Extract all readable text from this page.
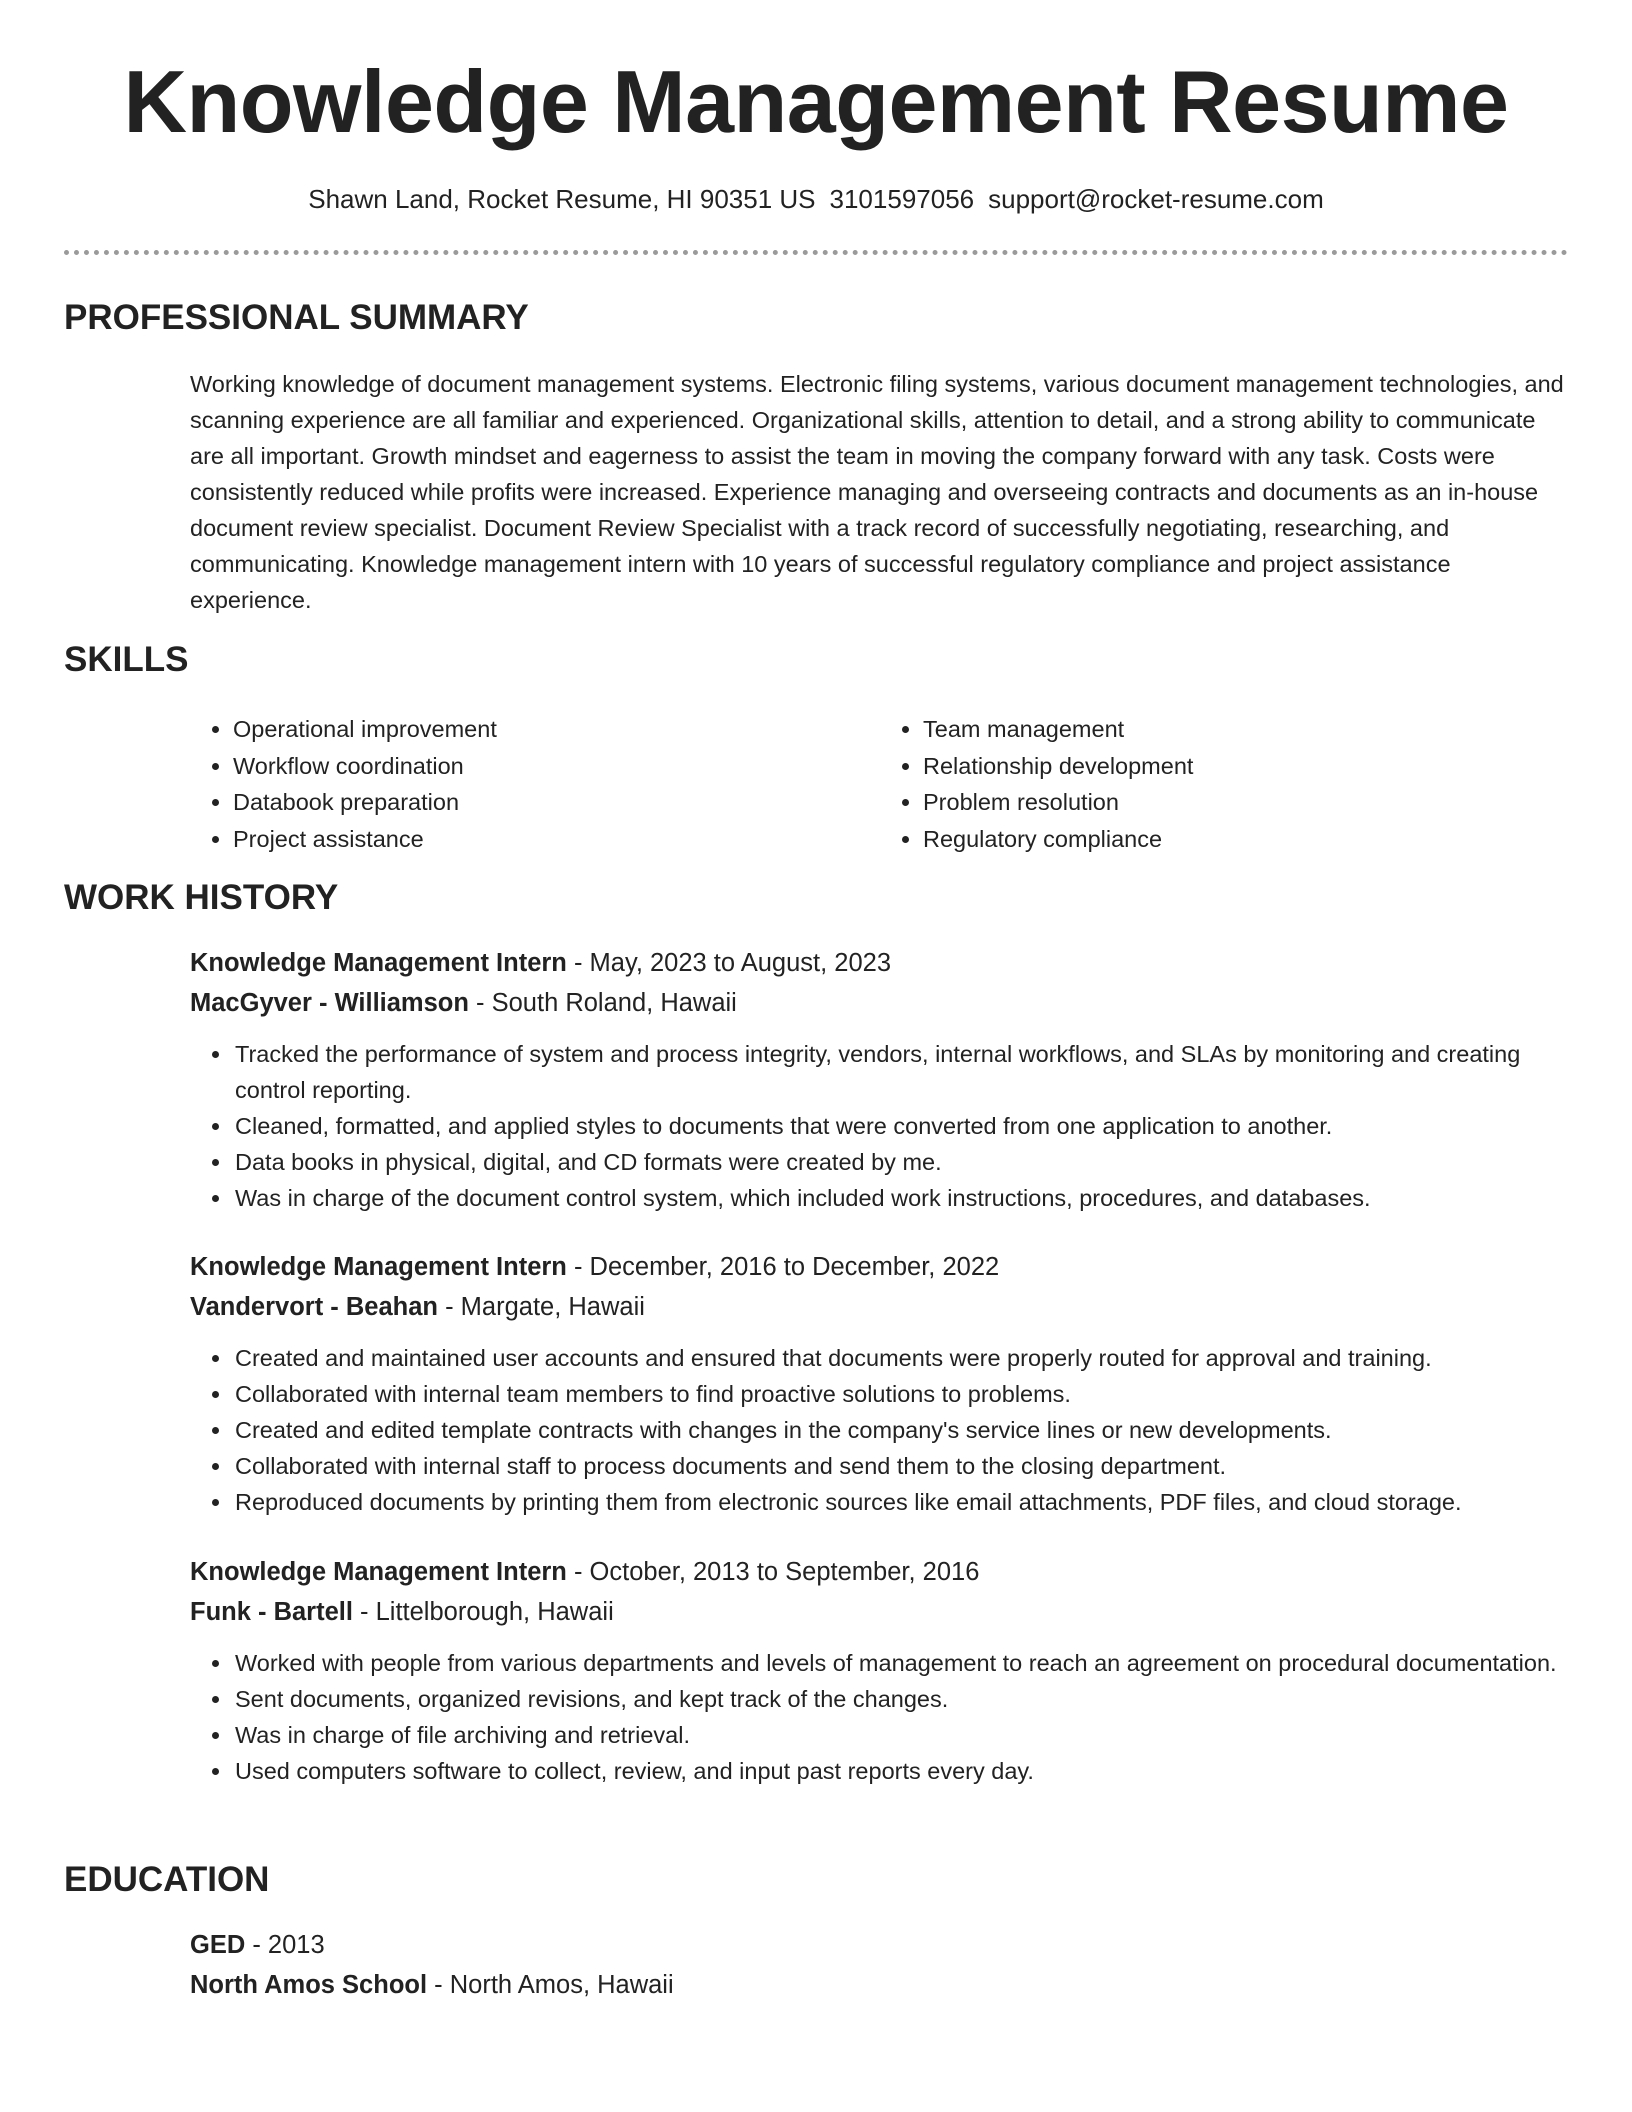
Knowledge Management Resume
Shawn Land, Rocket Resume, HI 90351 US 3101597056 support@rocket-resume.com
PROFESSIONAL SUMMARY

Working knowledge of document management systems. Electronic filing systems, various document management technologies, and scanning experience are all familiar and experienced. Organizational skills, attention to detail, and a strong ability to communicate are all important. Growth mindset and eagerness to assist the team in moving the company forward with any task. Costs were consistently reduced while profits were increased. Experience managing and overseeing contracts and documents as an in-house document review specialist. Document Review Specialist with a track record of successfully negotiating, researching, and communicating. Knowledge management intern with 10 years of successful regulatory compliance and project assistance experience.

SKILLS
• Operational improvement
• Workflow coordination
• Databook preparation
• Project assistance
• Team management
• Relationship development
• Problem resolution
• Regulatory compliance
WORK HISTORY
Knowledge Management Intern - May, 2023 to August, 2023
MacGyver - Williamson - South Roland, Hawaii
• Tracked the performance of system and process integrity, vendors, internal workflows, and SLAs by monitoring and creating control reporting.
• Cleaned, formatted, and applied styles to documents that were converted from one application to another.
• Data books in physical, digital, and CD formats were created by me.
• Was in charge of the document control system, which included work instructions, procedures, and databases.
Knowledge Management Intern - December, 2016 to December, 2022
Vandervort - Beahan - Margate, Hawaii
• Created and maintained user accounts and ensured that documents were properly routed for approval and training.
• Collaborated with internal team members to find proactive solutions to problems.
• Created and edited template contracts with changes in the company's service lines or new developments.
• Collaborated with internal staff to process documents and send them to the closing department.
• Reproduced documents by printing them from electronic sources like email attachments, PDF files, and cloud storage.
Knowledge Management Intern - October, 2013 to September, 2016
Funk - Bartell - Littelborough, Hawaii
• Worked with people from various departments and levels of management to reach an agreement on procedural documentation.
• Sent documents, organized revisions, and kept track of the changes.
• Was in charge of file archiving and retrieval.
• Used computers software to collect, review, and input past reports every day.
EDUCATION
GED - 2013
North Amos School - North Amos, Hawaii
